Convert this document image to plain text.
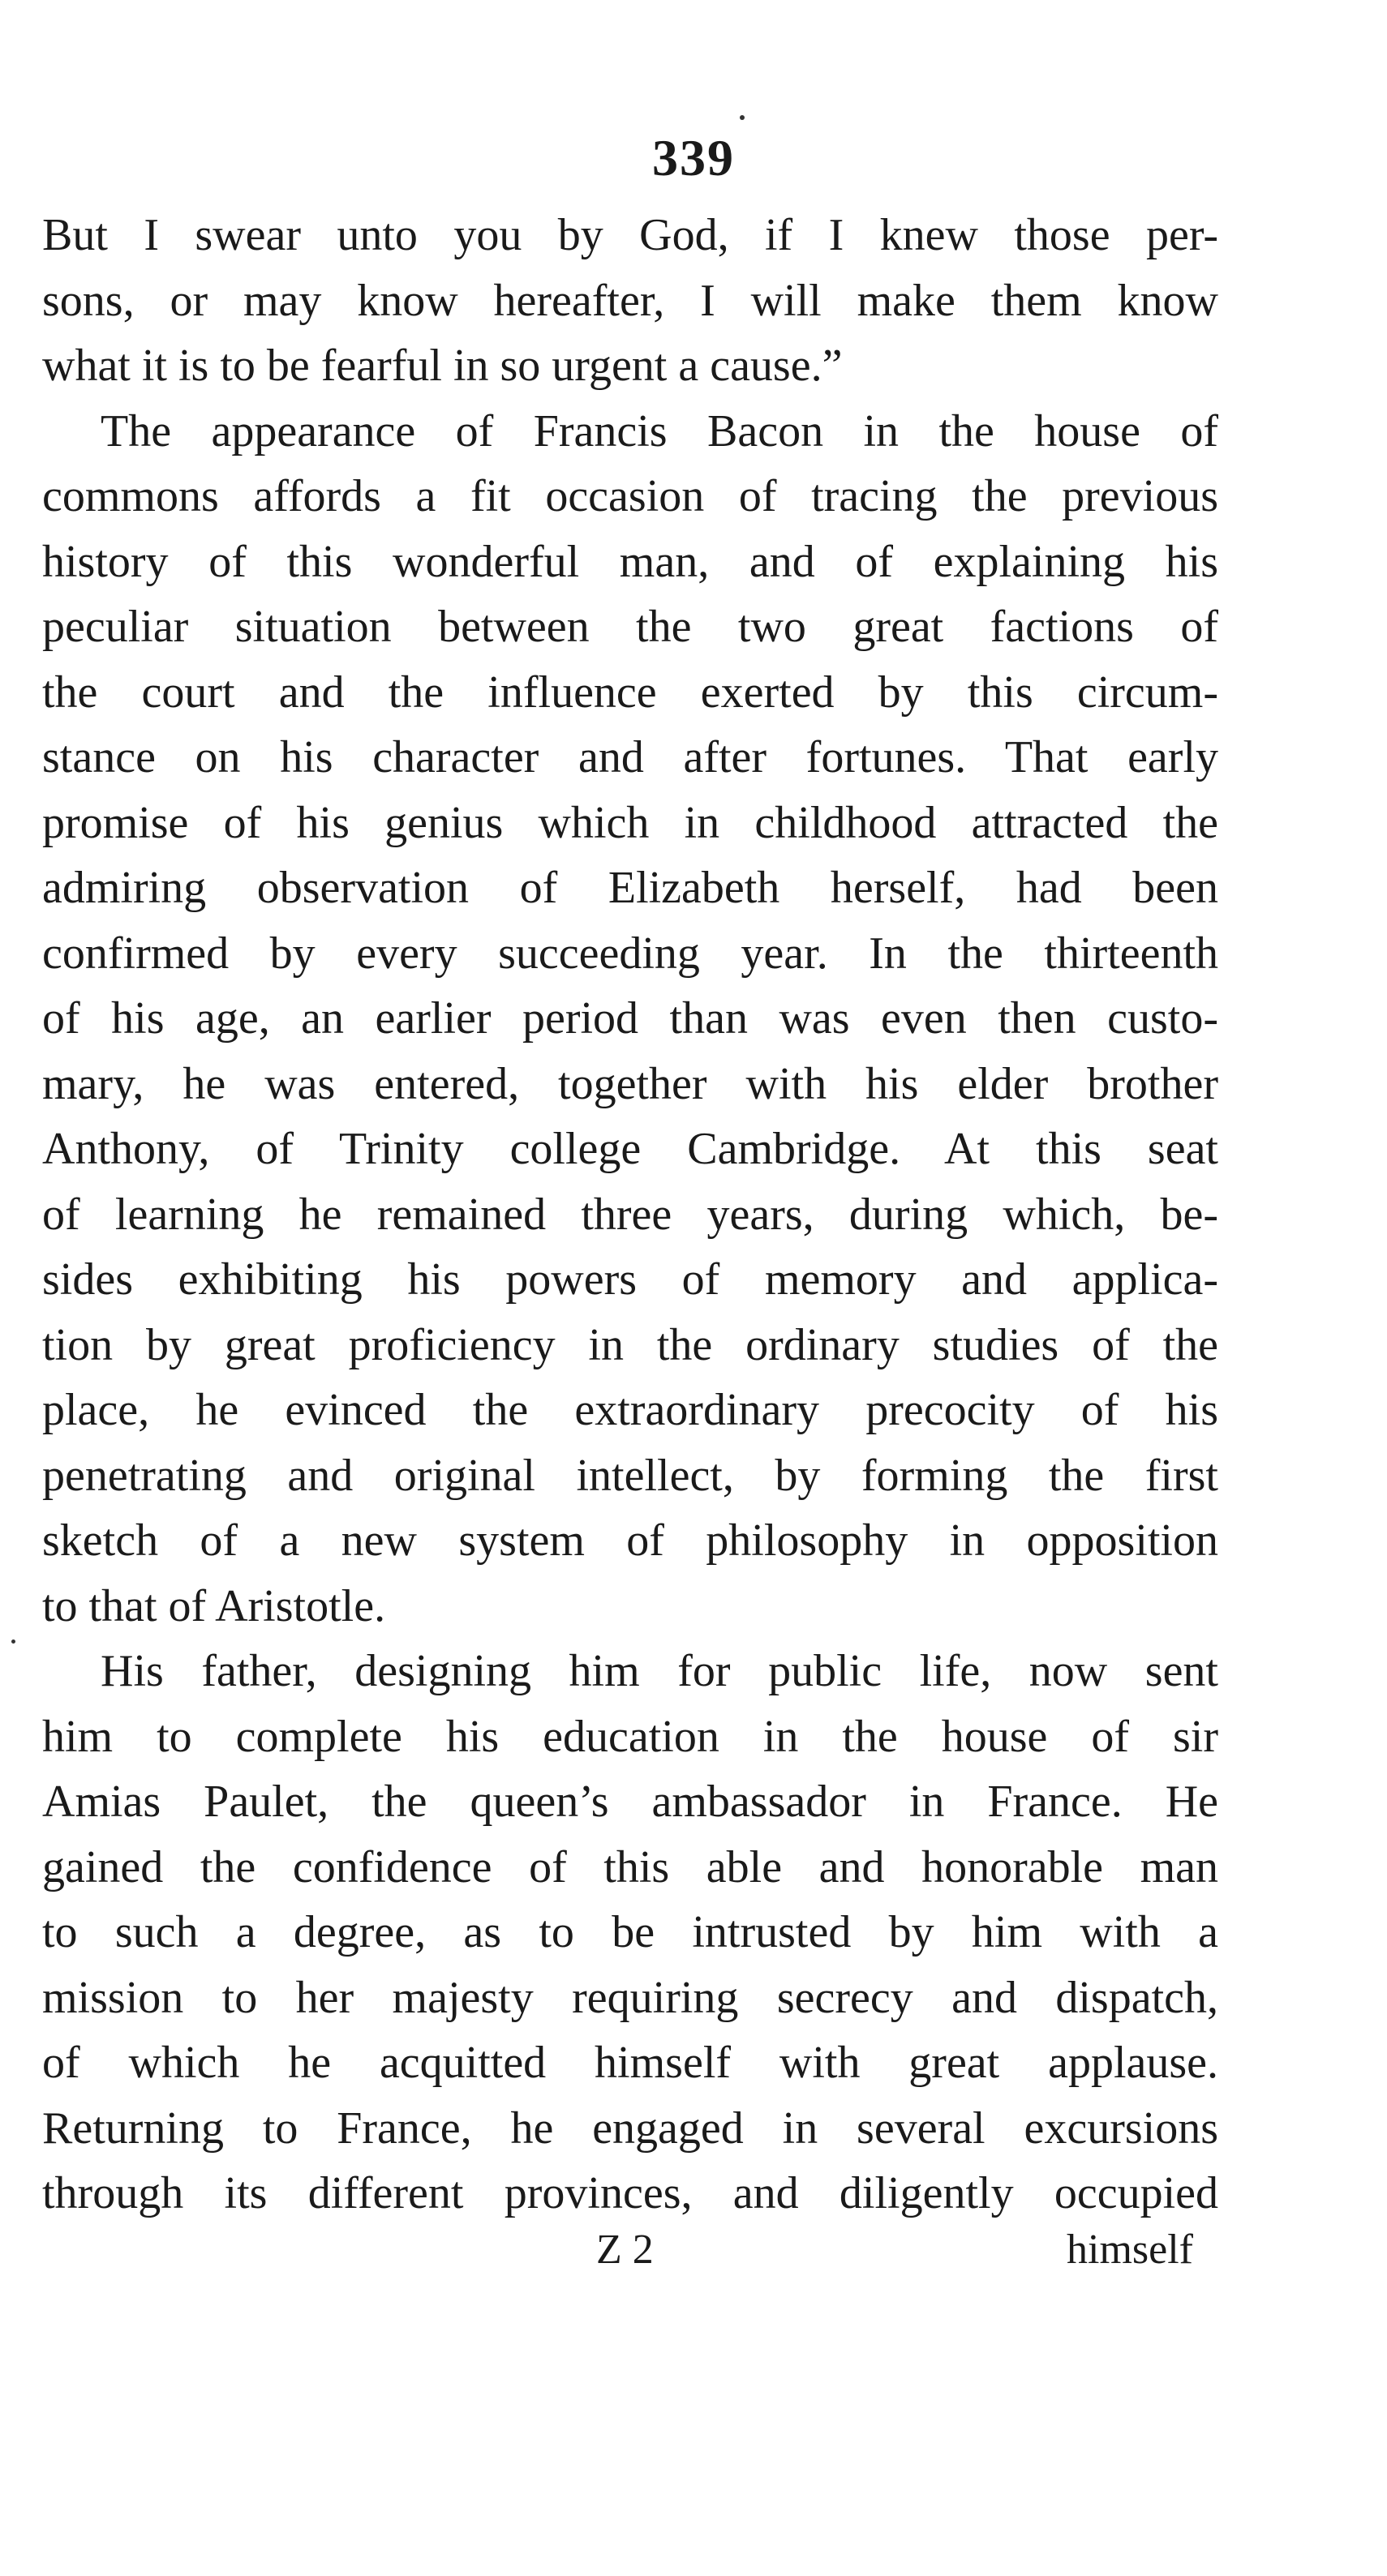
339
But I swear unto you by God, if I knew those per-
sons, or may know hereafter, I will make them know
what it is to be fearful in so urgent a cause.”
The appearance of Francis Bacon in the house of
commons affords a fit occasion of tracing the previous
history of this wonderful man, and of explaining his
peculiar situation between the two great factions of
the court and the influence exerted by this circum-
stance on his character and after fortunes. That early
promise of his genius which in childhood attracted the
admiring observation of Elizabeth herself, had been
confirmed by every succeeding year. In the thirteenth
of his age, an earlier period than was even then custo-
mary, he was entered, together with his elder brother
Anthony, of Trinity college Cambridge. At this seat
of learning he remained three years, during which, be-
sides exhibiting his powers of memory and applica-
tion by great proficiency in the ordinary studies of the
place, he evinced the extraordinary precocity of his
penetrating and original intellect, by forming the first
sketch of a new system of philosophy in opposition
to that of Aristotle.
His father, designing him for public life, now sent
him to complete his education in the house of sir
Amias Paulet, the queen’s ambassador in France. He
gained the confidence of this able and honorable man
to such a degree, as to be intrusted by him with a
mission to her majesty requiring secrecy and dispatch,
of which he acquitted himself with great applause.
Returning to France, he engaged in several excursions
through its different provinces, and diligently occupied
Z 2	himself
